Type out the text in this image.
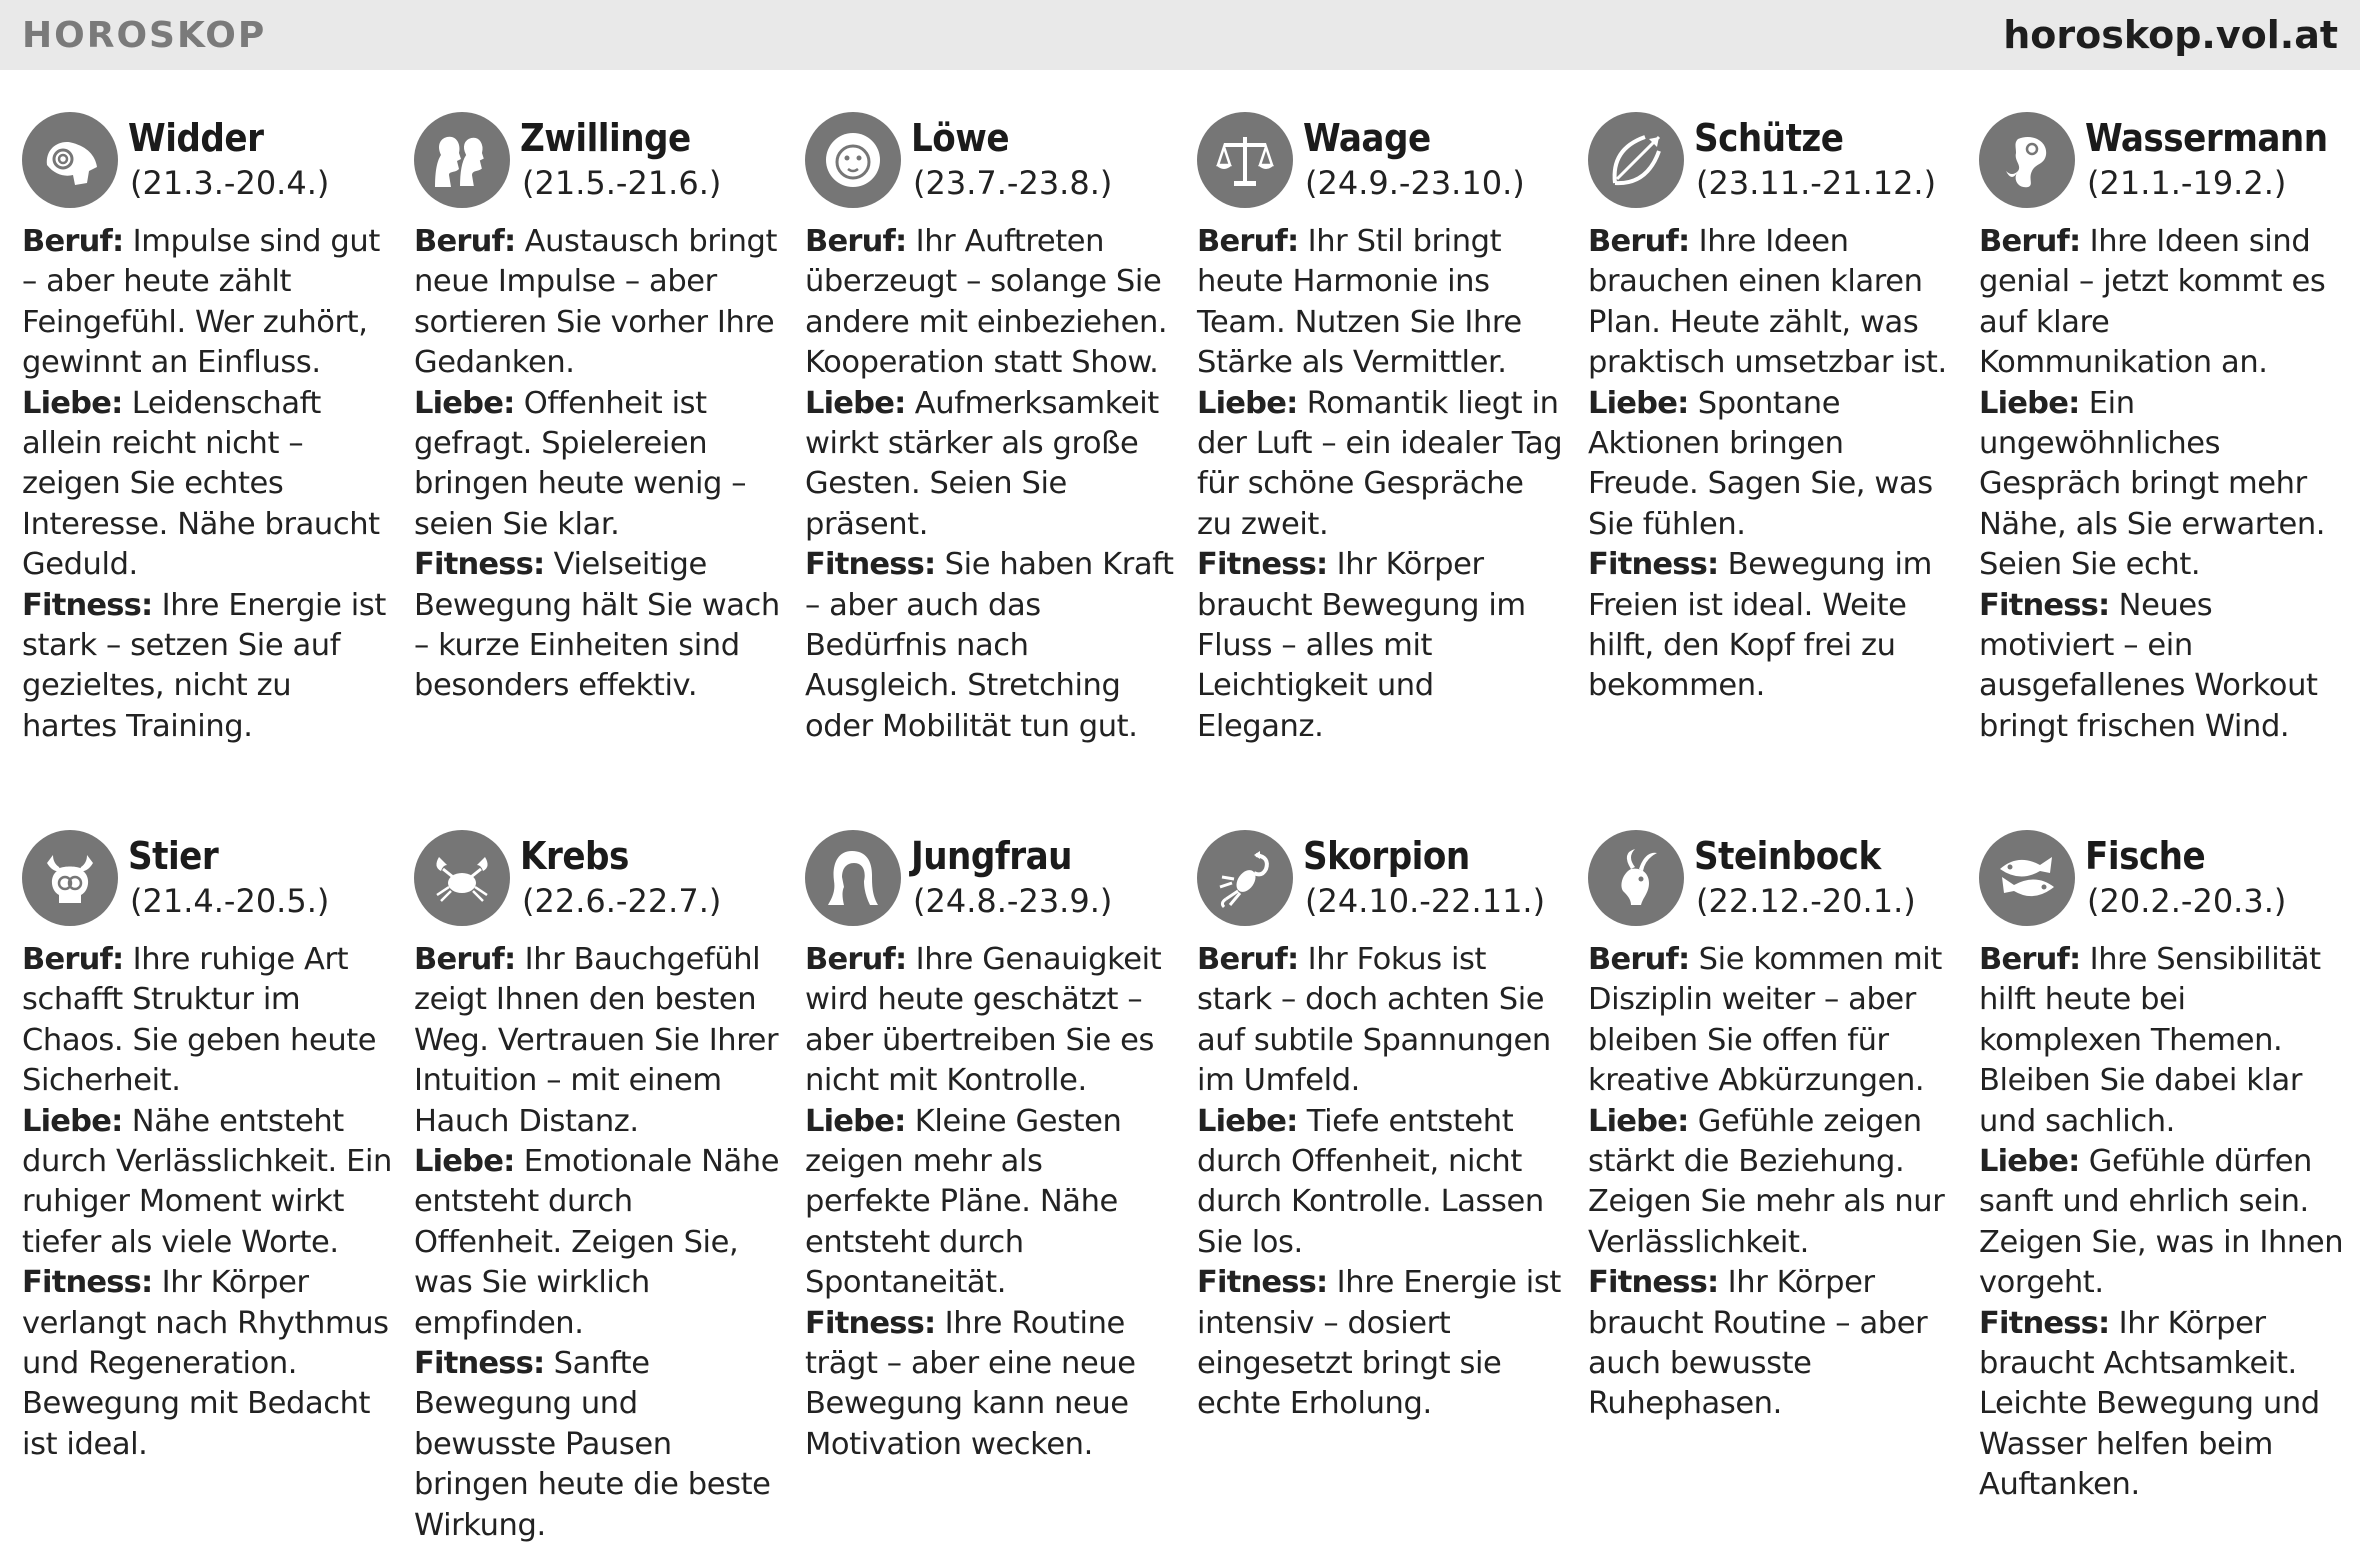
HOROSKOP	horoskop.vol.at
Widder
(21.3.-20.4.)
Beruf: Impulse sind gut – aber heute zählt Feingefühl. Wer zuhört, gewinnt an Einfluss.
Liebe: Leidenschaft allein reicht nicht – zeigen Sie echtes Interesse. Nähe braucht Geduld.
Fitness: Ihre Energie ist stark – setzen Sie auf gezieltes, nicht zu hartes Training.
Zwillinge
(21.5.-21.6.)
Beruf: Austausch bringt neue Impulse – aber sortieren Sie vorher Ihre Gedanken.
Liebe: Offenheit ist gefragt. Spielereien bringen heute wenig – seien Sie klar.
Fitness: Vielseitige Bewegung hält Sie wach – kurze Einheiten sind besonders effektiv.
Löwe
(23.7.-23.8.)
Beruf: Ihr Auftreten überzeugt – solange Sie andere mit einbeziehen. Kooperation statt Show.
Liebe: Aufmerksamkeit wirkt stärker als große Gesten. Seien Sie präsent.
Fitness: Sie haben Kraft – aber auch das Bedürfnis nach Ausgleich. Stretching oder Mobilität tun gut.
Waage
(24.9.-23.10.)
Beruf: Ihr Stil bringt heute Harmonie ins Team. Nutzen Sie Ihre Stärke als Vermittler.
Liebe: Romantik liegt in der Luft – ein idealer Tag für schöne Gespräche zu zweit.
Fitness: Ihr Körper braucht Bewegung im Fluss – alles mit Leichtigkeit und Eleganz.
Schütze
(23.11.-21.12.)
Beruf: Ihre Ideen brauchen einen klaren Plan. Heute zählt, was praktisch umsetzbar ist.
Liebe: Spontane Aktionen bringen Freude. Sagen Sie, was Sie fühlen.
Fitness: Bewegung im Freien ist ideal. Weite hilft, den Kopf frei zu bekommen.
Wassermann
(21.1.-19.2.)
Beruf: Ihre Ideen sind genial – jetzt kommt es auf klare Kommunikation an.
Liebe: Ein ungewöhnliches Gespräch bringt mehr Nähe, als Sie erwarten. Seien Sie echt.
Fitness: Neues motiviert – ein ausgefallenes Workout bringt frischen Wind.
Stier
(21.4.-20.5.)
Beruf: Ihre ruhige Art schafft Struktur im Chaos. Sie geben heute Sicherheit.
Liebe: Nähe entsteht durch Verlässlichkeit. Ein ruhiger Moment wirkt tiefer als viele Worte.
Fitness: Ihr Körper verlangt nach Rhythmus und Regeneration. Bewegung mit Bedacht ist ideal.
Krebs
(22.6.-22.7.)
Beruf: Ihr Bauchgefühl zeigt Ihnen den besten Weg. Vertrauen Sie Ihrer Intuition – mit einem Hauch Distanz.
Liebe: Emotionale Nähe entsteht durch Offenheit. Zeigen Sie, was Sie wirklich empfinden.
Fitness: Sanfte Bewegung und bewusste Pausen bringen heute die beste Wirkung.
Jungfrau
(24.8.-23.9.)
Beruf: Ihre Genauigkeit wird heute geschätzt – aber übertreiben Sie es nicht mit Kontrolle.
Liebe: Kleine Gesten zeigen mehr als perfekte Pläne. Nähe entsteht durch Spontaneität.
Fitness: Ihre Routine trägt – aber eine neue Bewegung kann neue Motivation wecken.
Skorpion
(24.10.-22.11.)
Beruf: Ihr Fokus ist stark – doch achten Sie auf subtile Spannungen im Umfeld.
Liebe: Tiefe entsteht durch Offenheit, nicht durch Kontrolle. Lassen Sie los.
Fitness: Ihre Energie ist intensiv – dosiert eingesetzt bringt sie echte Erholung.
Steinbock
(22.12.-20.1.)
Beruf: Sie kommen mit Disziplin weiter – aber bleiben Sie offen für kreative Abkürzungen.
Liebe: Gefühle zeigen stärkt die Beziehung. Zeigen Sie mehr als nur Verlässlichkeit.
Fitness: Ihr Körper braucht Routine – aber auch bewusste Ruhephasen.
Fische
(20.2.-20.3.)
Beruf: Ihre Sensibilität hilft heute bei komplexen Themen. Bleiben Sie dabei klar und sachlich.
Liebe: Gefühle dürfen sanft und ehrlich sein. Zeigen Sie, was in Ihnen vorgeht.
Fitness: Ihr Körper braucht Achtsamkeit. Leichte Bewegung und Wasser helfen beim Auftanken.
